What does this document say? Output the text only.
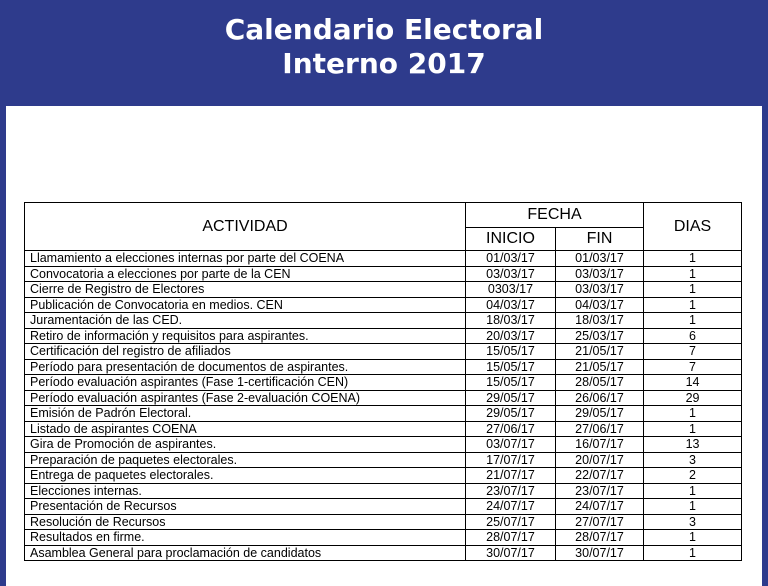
Calendario Electoral
Interno 2017
ACTIVIDAD	FECHA		DIAS
	INICIO	FIN	
Llamamiento a elecciones internas por parte del COENA	01/03/17	01/03/17	1
Convocatoria a elecciones por parte de la CEN	03/03/17	03/03/17	1
Cierre de Registro de Electores	0303/17	03/03/17	1
Publicación de Convocatoria en medios. CEN	04/03/17	04/03/17	1
Juramentación de las CED.	18/03/17	18/03/17	1
Retiro de información y requisitos para aspirantes.	20/03/17	25/03/17	6
Certificación del registro de afiliados	15/05/17	21/05/17	7
Período para presentación de documentos de aspirantes.	15/05/17	21/05/17	7
Período evaluación aspirantes (Fase 1-certificación CEN)	15/05/17	28/05/17	14
Período evaluación aspirantes (Fase 2-evaluación COENA)	29/05/17	26/06/17	29
Emisión de Padrón Electoral.	29/05/17	29/05/17	1
Listado de aspirantes COENA	27/06/17	27/06/17	1
Gira de Promoción de aspirantes.	03/07/17	16/07/17	13
Preparación de paquetes electorales.	17/07/17	20/07/17	3
Entrega de paquetes electorales.	21/07/17	22/07/17	2
Elecciones internas.	23/07/17	23/07/17	1
Presentación de Recursos	24/07/17	24/07/17	1
Resolución de Recursos	25/07/17	27/07/17	3
Resultados en firme.	28/07/17	28/07/17	1
Asamblea General para proclamación de candidatos	30/07/17	30/07/17	1
